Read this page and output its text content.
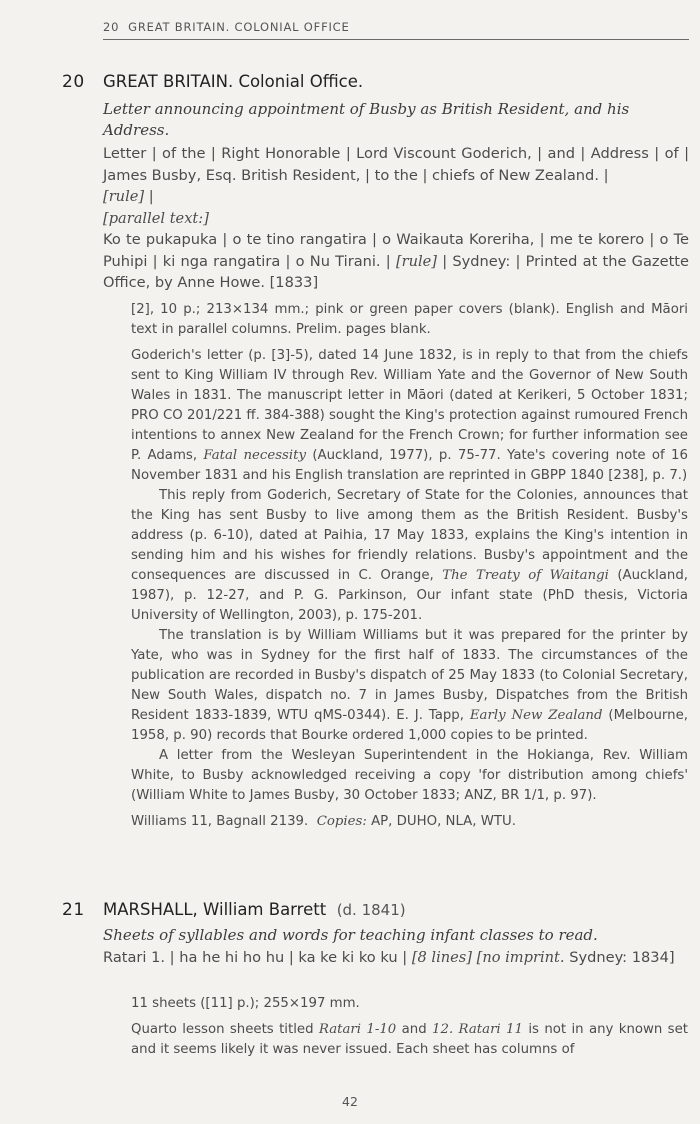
20 GREAT BRITAIN. COLONIAL OFFICE
20 GREAT BRITAIN. Colonial Office.
Letter announcing appointment of Busby as British Resident, and his Address.
Letter | of the | Right Honorable | Lord Viscount Goderich, | and | Address | of | James Busby, Esq. British Resident, | to the | chiefs of New Zealand. |
[rule] |
[parallel text:]
Ko te pukapuka | o te tino rangatira | o Waikauta Koreriha, | me te korero | o Te Puhipi | ki nga rangatira | o Nu Tirani. | [rule] | Sydney: | Printed at the Gazette Office, by Anne Howe. [1833]
[2], 10 p.; 213×134 mm.; pink or green paper covers (blank). English and Māori text in parallel columns. Prelim. pages blank.

Goderich's letter (p. [3]-5), dated 14 June 1832, is in reply to that from the chiefs sent to King William IV through Rev. William Yate and the Governor of New South Wales in 1831. The manuscript letter in Māori (dated at Kerikeri, 5 October 1831; PRO CO 201/221 ff. 384-388) sought the King's protection against rumoured French intentions to annex New Zealand for the French Crown; for further information see P. Adams, Fatal necessity (Auckland, 1977), p. 75-77. Yate's covering note of 16 November 1831 and his English translation are reprinted in GBPP 1840 [238], p. 7.)

This reply from Goderich, Secretary of State for the Colonies, announces that the King has sent Busby to live among them as the British Resident. Busby's address (p. 6-10), dated at Paihia, 17 May 1833, explains the King's intention in sending him and his wishes for friendly relations. Busby's appointment and the consequences are discussed in C. Orange, The Treaty of Waitangi (Auckland, 1987), p. 12-27, and P. G. Parkinson, Our infant state (PhD thesis, Victoria University of Wellington, 2003), p. 175-201.

The translation is by William Williams but it was prepared for the printer by Yate, who was in Sydney for the first half of 1833. The circumstances of the publication are recorded in Busby's dispatch of 25 May 1833 (to Colonial Secretary, New South Wales, dispatch no. 7 in James Busby, Dispatches from the British Resident 1833-1839, WTU qMS-0344). E. J. Tapp, Early New Zealand (Melbourne, 1958, p. 90) records that Bourke ordered 1,000 copies to be printed.

A letter from the Wesleyan Superintendent in the Hokianga, Rev. William White, to Busby acknowledged receiving a copy 'for distribution among chiefs' (William White to James Busby, 30 October 1833; ANZ, BR 1/1, p. 97).

Williams 11, Bagnall 2139. Copies: AP, DUHO, NLA, WTU.

21 MARSHALL, William Barrett (d. 1841)
Sheets of syllables and words for teaching infant classes to read.
Ratari 1. | ha he hi ho hu | ka ke ki ko ku | [8 lines] [no imprint. Sydney: 1834]
11 sheets ([11] p.); 255×197 mm.

Quarto lesson sheets titled Ratari 1-10 and 12. Ratari 11 is not in any known set and it seems likely it was never issued. Each sheet has columns of

42
